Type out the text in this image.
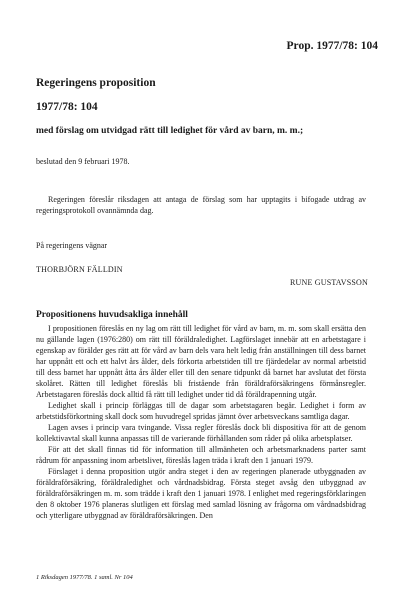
Prop. 1977/78: 104
Regeringens proposition
1977/78: 104
med förslag om utvidgad rätt till ledighet för vård av barn, m. m.;
beslutad den 9 februari 1978.
Regeringen föreslår riksdagen att antaga de förslag som har upptagits i bifogade utdrag av regeringsprotokoll ovannämnda dag.
På regeringens vägnar
THORBJÖRN FÄLLDIN
RUNE GUSTAVSSON
Propositionens huvudsakliga innehåll

I propositionen föreslås en ny lag om rätt till ledighet för vård av barn, m. m. som skall ersätta den nu gällande lagen (1976:280) om rätt till föräldraledighet. Lagförslaget innebär att en arbetstagare i egenskap av förälder ges rätt att för vård av barn dels vara helt ledig från anställningen till dess barnet har uppnått ett och ett halvt års ålder, dels förkorta arbetstiden till tre fjärdedelar av normal arbetstid till dess barnet har uppnått åtta års ålder eller till den senare tidpunkt då barnet har avslutat det första skolåret. Rätten till ledighet föreslås bli fristående från föräldraförsäkringens förmånsregler. Arbetstagaren föreslås dock alltid få rätt till ledighet under tid då föräldrapenning utgår.

Ledighet skall i princip förläggas till de dagar som arbetstagaren begär. Ledighet i form av arbetstidsförkortning skall dock som huvudregel spridas jämnt över arbetsveckans samtliga dagar.

Lagen avses i princip vara tvingande. Vissa regler föreslås dock bli dispositiva för att de genom kollektivavtal skall kunna anpassas till de varierande förhållanden som råder på olika arbetsplatser.

För att det skall finnas tid för information till allmänheten och arbetsmarknadens parter samt rådrum för anpassning inom arbetslivet, föreslås lagen träda i kraft den 1 januari 1979.

Förslaget i denna proposition utgör andra steget i den av regeringen planerade utbyggnaden av föräldraförsäkring, föräldraledighet och vårdnadsbidrag. Första steget avsåg den utbyggnad av föräldraförsäkringen m. m. som trädde i kraft den 1 januari 1978. I enlighet med regeringsförklaringen den 8 oktober 1976 planeras slutligen ett förslag med samlad lösning av frågorna om vårdnadsbidrag och ytterligare utbyggnad av föräldraförsäkringen. Den

1 Riksdagen 1977/78. 1 saml. Nr 104
